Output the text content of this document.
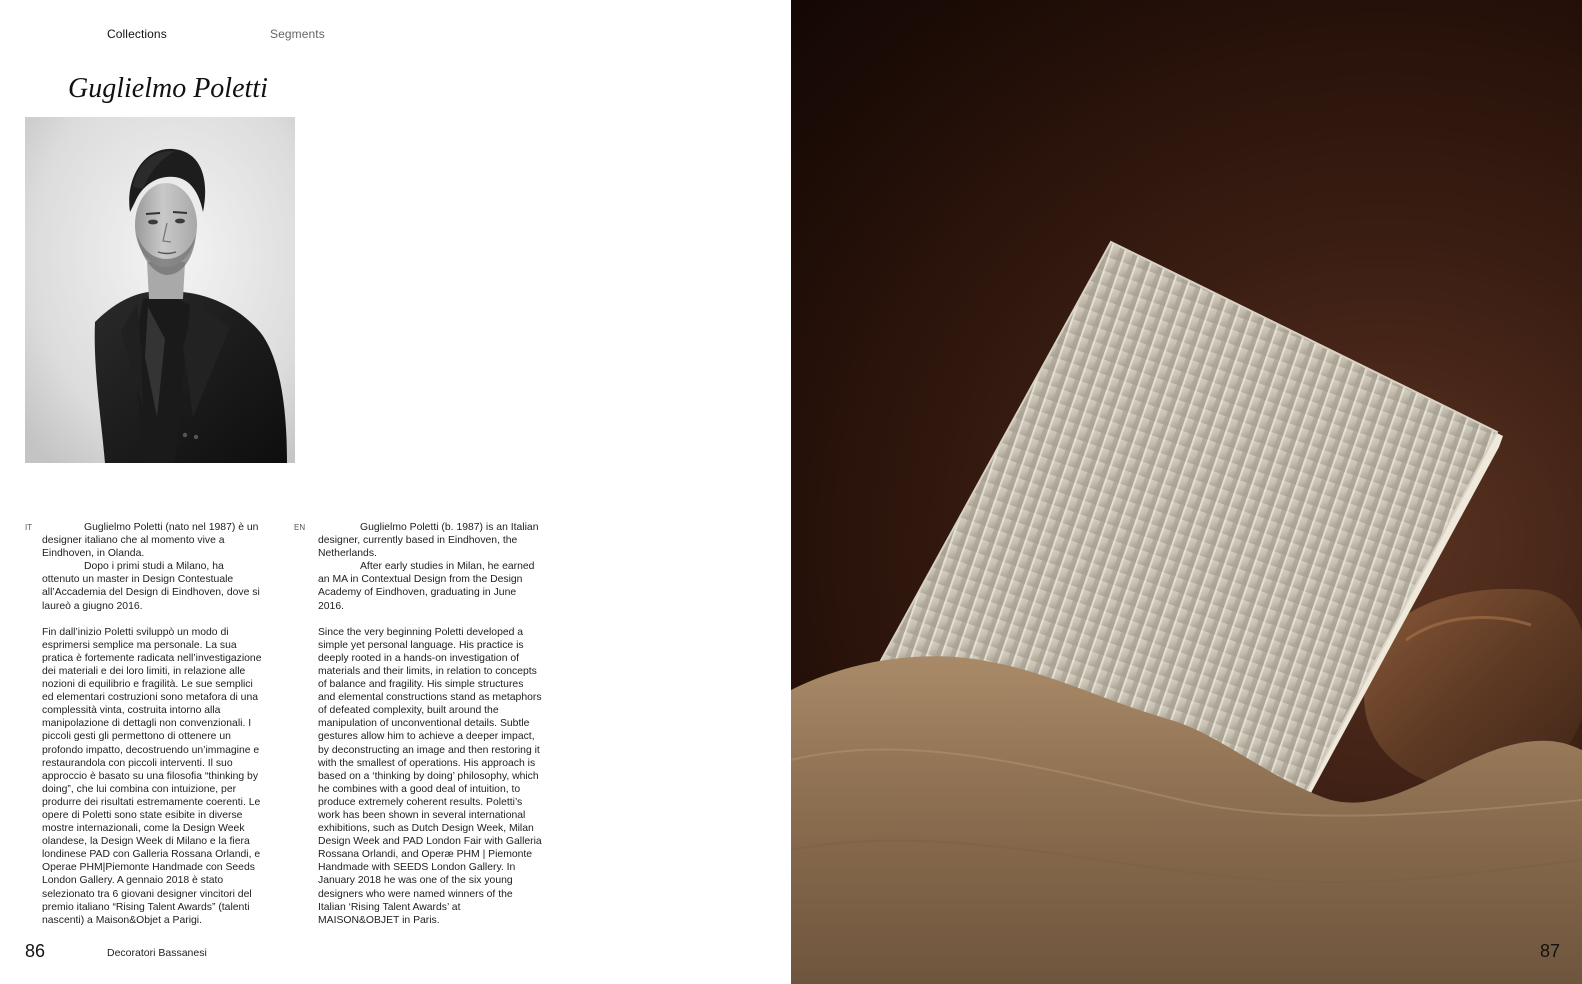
Collections	Segments
Guglielmo Poletti
IT	Guglielmo Poletti (nato nel 1987) è un designer italiano che al momento vive a Eindhoven, in Olanda.

Dopo i primi studi a Milano, ha ottenuto un master in Design Contestuale all’Accademia del Design di Eindhoven, dove si laureò a giugno 2016.

Fin dall’inizio Poletti sviluppò un modo di esprimersi semplice ma personale. La sua pratica è fortemente radicata nell’investigazione dei materiali e dei loro limiti, in relazione alle nozioni di equilibrio e fragilità. Le sue semplici ed elementari costruzioni sono metafora di una complessità vinta, costruita intorno alla manipolazione di dettagli non convenzionali. I piccoli gesti gli permettono di ottenere un profondo impatto, decostruendo un’immagine e restaurandola con piccoli interventi. Il suo approccio è basato su una filosofia “thinking by doing”, che lui combina con intuizione, per produrre dei risultati estremamente coerenti. Le opere di Poletti sono state esibite in diverse mostre internazionali, come la Design Week olandese, la Design Week di Milano e la fiera londinese PAD con Galleria Rossana Orlandi, e Operae PHM|Piemonte Handmade con Seeds London Gallery. A gennaio 2018 è stato selezionato tra 6 giovani designer vincitori del premio italiano “Rising Talent Awards” (talenti nascenti) a Maison&Objet a Parigi.

EN	Guglielmo Poletti (b. 1987) is an Italian designer, currently based in Eindhoven, the Netherlands.

After early studies in Milan, he earned an MA in Contextual Design from the Design Academy of Eindhoven, graduating in June 2016.

Since the very beginning Poletti developed a simple yet personal language. His practice is deeply rooted in a hands-on investigation of materials and their limits, in relation to concepts of balance and fragility. His simple structures and elemental constructions stand as metaphors of defeated complexity, built around the manipulation of unconventional details. Subtle gestures allow him to achieve a deeper impact, by deconstructing an image and then restoring it with the smallest of operations. His approach is based on a ‘thinking by doing’ philosophy, which he combines with a good deal of intuition, to produce extremely coherent results. Poletti’s work has been shown in several international exhibitions, such as Dutch Design Week, Milan Design Week and PAD London Fair with Galleria Rossana Orlandi, and Operæ PHM | Piemonte Handmade with SEEDS London Gallery. In January 2018 he was one of the six young designers who were named winners of the Italian ‘Rising Talent Awards’ at MAISON&OBJET in Paris.

86	Decoratori Bassanesi	87
